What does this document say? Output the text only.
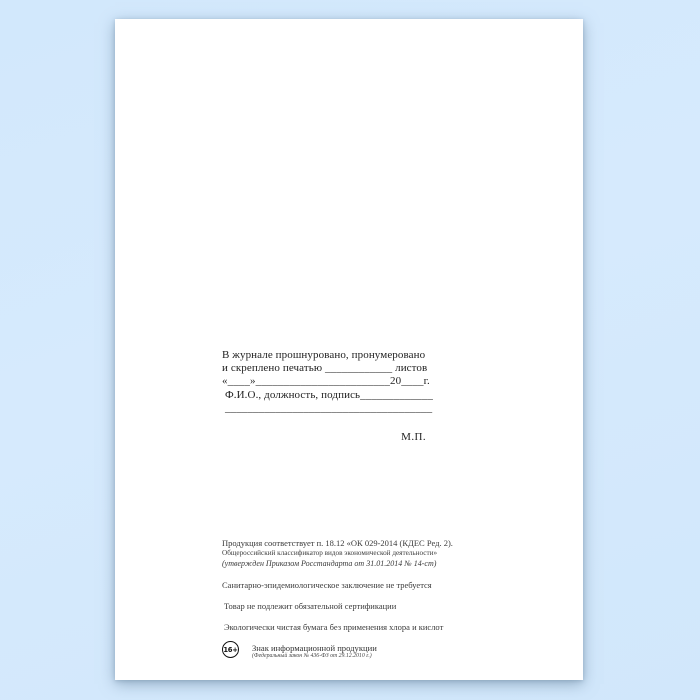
В журнале прошнуровано, пронумеровано
и скреплено печатью ____________ листов
«____»________________________20____г.
Ф.И.О., должность, подпись_____________
_____________________________________
М.П.
Продукция соответствует п. 18.12 «ОК 029-2014 (КДЕС Ред. 2).
Общероссийский классификатор видов экономической деятельности»
(утвержден Приказом Росстандарта от 31.01.2014 № 14-ст)
Санитарно-эпидемиологическое заключение не требуется
Товар не подлежит обязательной сертификации
Экологически чистая бумага без применения хлора и кислот
16+ Знак информационной продукции
(Федеральный закон № 436-ФЗ от 29.12.2010 г.)
